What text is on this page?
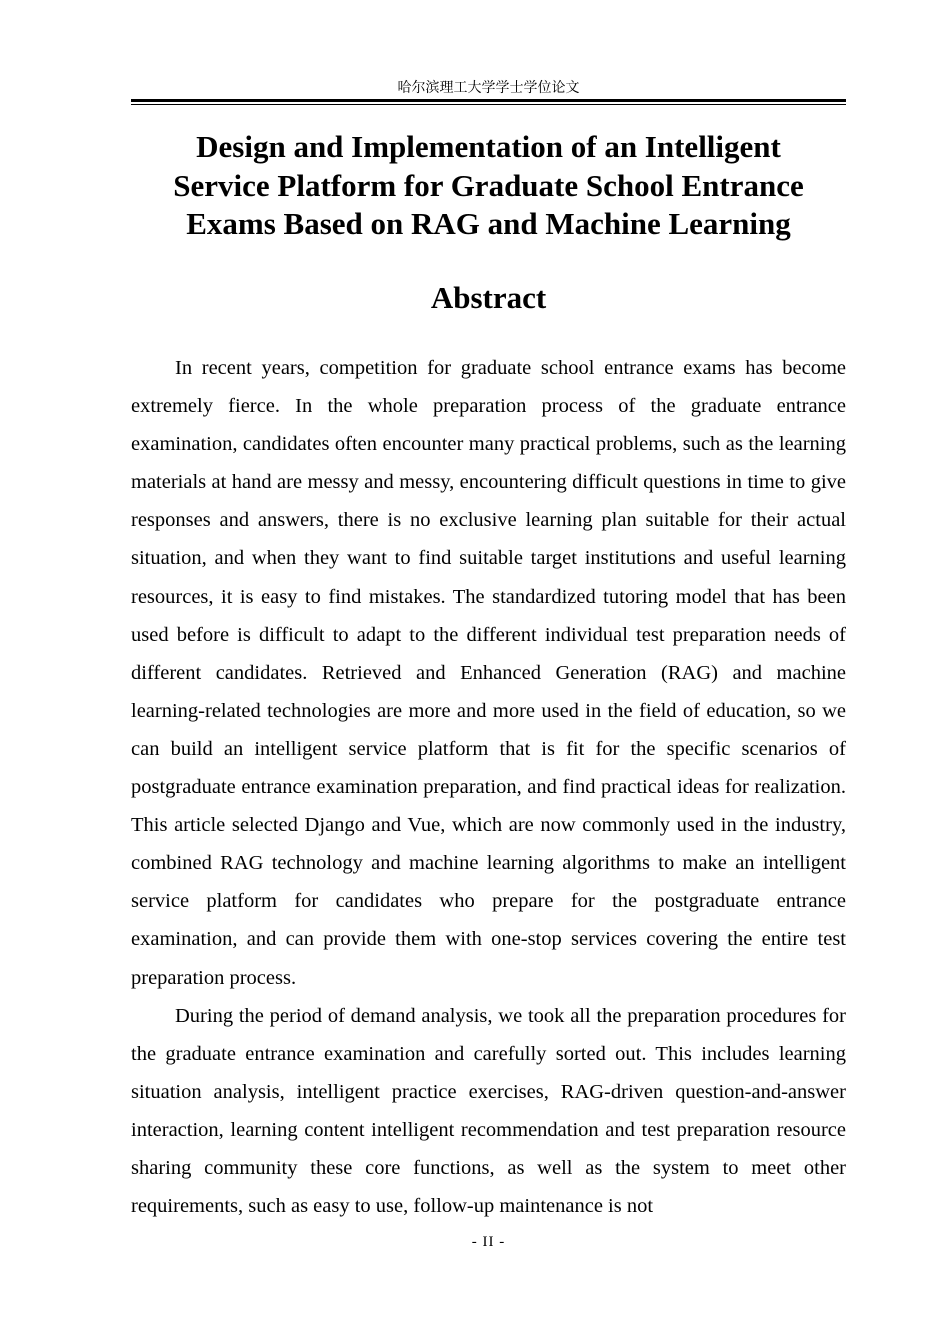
哈尔滨理工大学学士学位论文
Design and Implementation of an Intelligent
Service Platform for Graduate School Entrance
Exams Based on RAG and Machine Learning
Abstract

In recent years, competition for graduate school entrance exams has become extremely fierce. In the whole preparation process of the graduate entrance examination, candidates often encounter many practical problems, such as the learning materials at hand are messy and messy, encountering difficult questions in time to give responses and answers, there is no exclusive learning plan suitable for their actual situation, and when they want to find suitable target institutions and useful learning resources, it is easy to find mistakes. The standardized tutoring model that has been used before is difficult to adapt to the different individual test preparation needs of different candidates. Retrieved and Enhanced Generation (RAG) and machine learning-related technologies are more and more used in the field of education, so we can build an intelligent service platform that is fit for the specific scenarios of postgraduate entrance examination preparation, and find practical ideas for realization. This article selected Django and Vue, which are now commonly used in the industry, combined RAG technology and machine learning algorithms to make an intelligent service platform for candidates who prepare for the postgraduate entrance examination, and can provide them with one-stop services covering the entire test preparation process.

During the period of demand analysis, we took all the preparation procedures for the graduate entrance examination and carefully sorted out. This includes learning situation analysis, intelligent practice exercises, RAG-driven question-and-answer interaction, learning content intelligent recommendation and test preparation resource sharing community these core functions, as well as the system to meet other requirements, such as easy to use, follow-up maintenance is not

- II -
